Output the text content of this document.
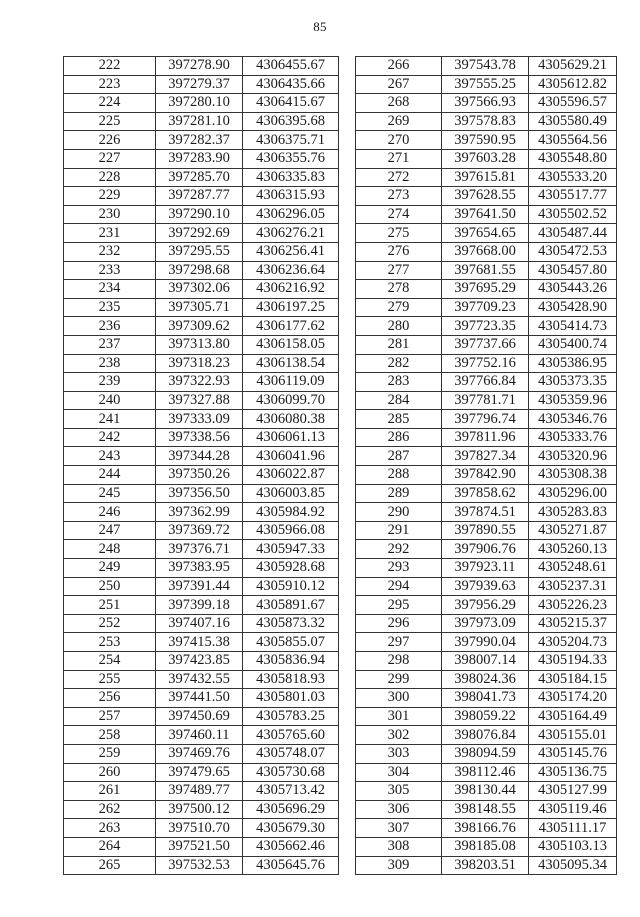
85
222	397278.90	4306455.67
223	397279.37	4306435.66
224	397280.10	4306415.67
225	397281.10	4306395.68
226	397282.37	4306375.71
227	397283.90	4306355.76
228	397285.70	4306335.83
229	397287.77	4306315.93
230	397290.10	4306296.05
231	397292.69	4306276.21
232	397295.55	4306256.41
233	397298.68	4306236.64
234	397302.06	4306216.92
235	397305.71	4306197.25
236	397309.62	4306177.62
237	397313.80	4306158.05
238	397318.23	4306138.54
239	397322.93	4306119.09
240	397327.88	4306099.70
241	397333.09	4306080.38
242	397338.56	4306061.13
243	397344.28	4306041.96
244	397350.26	4306022.87
245	397356.50	4306003.85
246	397362.99	4305984.92
247	397369.72	4305966.08
248	397376.71	4305947.33
249	397383.95	4305928.68
250	397391.44	4305910.12
251	397399.18	4305891.67
252	397407.16	4305873.32
253	397415.38	4305855.07
254	397423.85	4305836.94
255	397432.55	4305818.93
256	397441.50	4305801.03
257	397450.69	4305783.25
258	397460.11	4305765.60
259	397469.76	4305748.07
260	397479.65	4305730.68
261	397489.77	4305713.42
262	397500.12	4305696.29
263	397510.70	4305679.30
264	397521.50	4305662.46
265	397532.53	4305645.76
266	397543.78	4305629.21
267	397555.25	4305612.82
268	397566.93	4305596.57
269	397578.83	4305580.49
270	397590.95	4305564.56
271	397603.28	4305548.80
272	397615.81	4305533.20
273	397628.55	4305517.77
274	397641.50	4305502.52
275	397654.65	4305487.44
276	397668.00	4305472.53
277	397681.55	4305457.80
278	397695.29	4305443.26
279	397709.23	4305428.90
280	397723.35	4305414.73
281	397737.66	4305400.74
282	397752.16	4305386.95
283	397766.84	4305373.35
284	397781.71	4305359.96
285	397796.74	4305346.76
286	397811.96	4305333.76
287	397827.34	4305320.96
288	397842.90	4305308.38
289	397858.62	4305296.00
290	397874.51	4305283.83
291	397890.55	4305271.87
292	397906.76	4305260.13
293	397923.11	4305248.61
294	397939.63	4305237.31
295	397956.29	4305226.23
296	397973.09	4305215.37
297	397990.04	4305204.73
298	398007.14	4305194.33
299	398024.36	4305184.15
300	398041.73	4305174.20
301	398059.22	4305164.49
302	398076.84	4305155.01
303	398094.59	4305145.76
304	398112.46	4305136.75
305	398130.44	4305127.99
306	398148.55	4305119.46
307	398166.76	4305111.17
308	398185.08	4305103.13
309	398203.51	4305095.34
